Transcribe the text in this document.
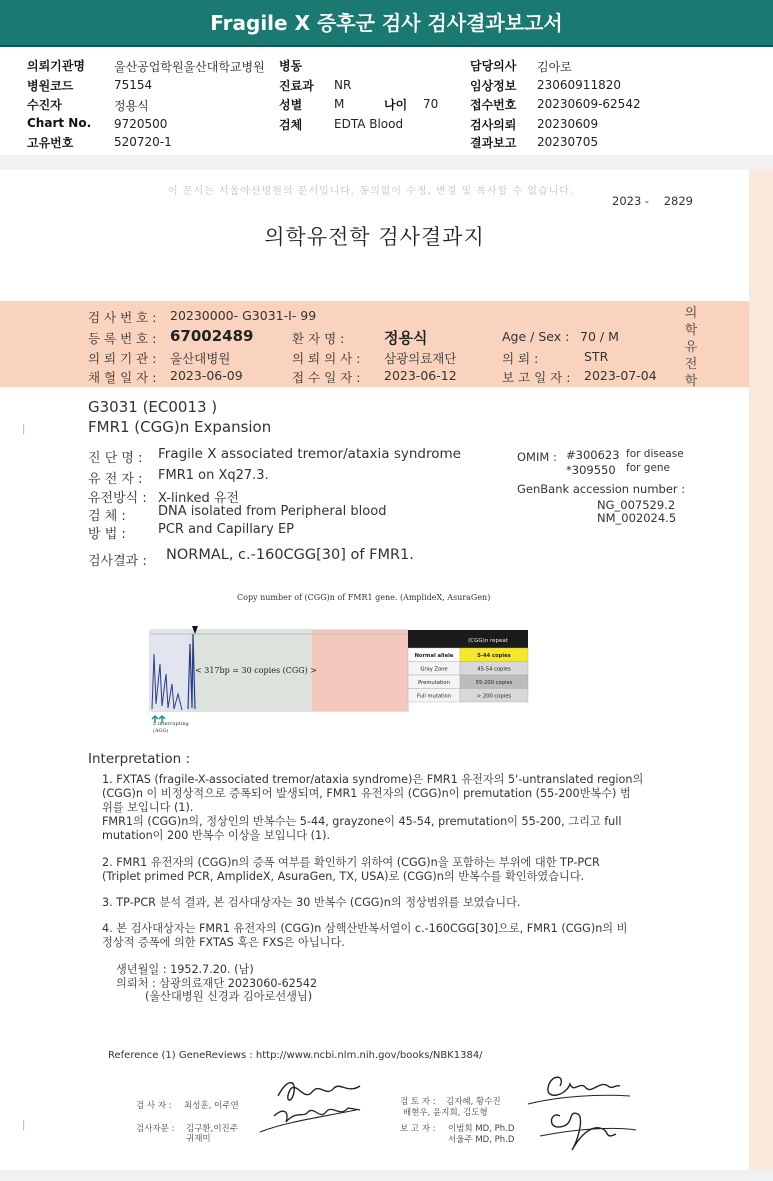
Fragile X 증후군 검사 검사결과보고서
의뢰기관명 울산공업학원울산대학교병원 병동	담당의사 김아로
병원코드	75154	진료과 NR	임상정보 23060911820
수진자	정용식	성별	M	나이 70	접수번호 20230609-62542
Chart No. 9720500	검체	EDTA Blood	검사의뢰 20230609
고유번호	520720-1	결과보고 20230705
이 문서는 서울아산병원의 문서입니다. 동의없이 수정, 변경 및 복사할 수 없습니다.
2023 - 2829
의학유전학 검사결과지
검 사 번 호 : 20230000- G3031-I- 99
등 록 번 호 : 67002489	환 자 명 :	정용식	Age / Sex : 70 / M
의 뢰 기 관 : 울산대병원	의 뢰 의 사 : 삼광의료재단	의 뢰 :	STR
채 혈 일 자 : 2023-06-09	접 수 일 자 : 2023-06-12	보 고 일 자 : 2023-07-04
의 학 유 전 학
G3031 (EC0013 )
FMR1 (CGG)n Expansion
진 단 명 : Fragile X associated tremor/ataxia syndrome
유 전 자 : FMR1 on Xq27.3.
유전방식 : X-linked 유전
검 체 : DNA isolated from Peripheral blood
방 법 : PCR and Capillary EP
OMIM : #300623 for disease
*309550 for gene
GenBank accession number :
NG_007529.2
NM_002024.5
검사결과 : NORMAL, c.-160CGG[30] of FMR1.
Copy number of (CGG)n of FMR1 gene. (AmplideX, AsuraGen)
< 317bp = 30 copies (CGG) >
2 interrupting
(AGG)
(CGG)n repeat
Normal allele	5-44 copies
Gray Zone	45-54 copies
Premutation	55-200 copies
Full mutation	> 200 copies
Interpretation :
1. FXTAS (fragile-X-associated tremor/ataxia syndrome)은 FMR1 유전자의 5'-untranslated region의
(CGG)n 이 비정상적으로 증폭되어 발생되며, FMR1 유전자의 (CGG)n이 premutation (55-200반복수) 범
위를 보입니다 (1).
FMR1의 (CGG)n의, 정상인의 반복수는 5-44, grayzone이 45-54, premutation이 55-200, 그리고 full
mutation이 200 반복수 이상을 보입니다 (1).
2. FMR1 유전자의 (CGG)n의 증폭 여부를 확인하기 위하여 (CGG)n을 포함하는 부위에 대한 TP-PCR
(Triplet primed PCR, AmplideX, AsuraGen, TX, USA)로 (CGG)n의 반복수를 확인하였습니다.
3. TP-PCR 분석 결과, 본 검사대상자는 30 반복수 (CGG)n의 정상범위를 보였습니다.
4. 본 검사대상자는 FMR1 유전자의 (CGG)n 삼핵산반복서열이 c.-160CGG[30]으로, FMR1 (CGG)n의 비
정상적 증폭에 의한 FXTAS 혹은 FXS은 아닙니다.
생년월일 : 1952.7.20. (남)
의뢰처 : 삼광의료재단 2023060-62542
(울산대병원 신경과 김아로선생님)
Reference (1) GeneReviews : http://www.ncbi.nlm.nih.gov/books/NBK1384/
검 사 자 : 최성훈, 이주연
검사자문 : 김구환,이진주
귀재미
검 토 자 : 김자혜, 황수진
배현우, 윤지희, 김도형
보 고 자 : 이범희 MD, Ph.D
서울주 MD, Ph.D
|
|
